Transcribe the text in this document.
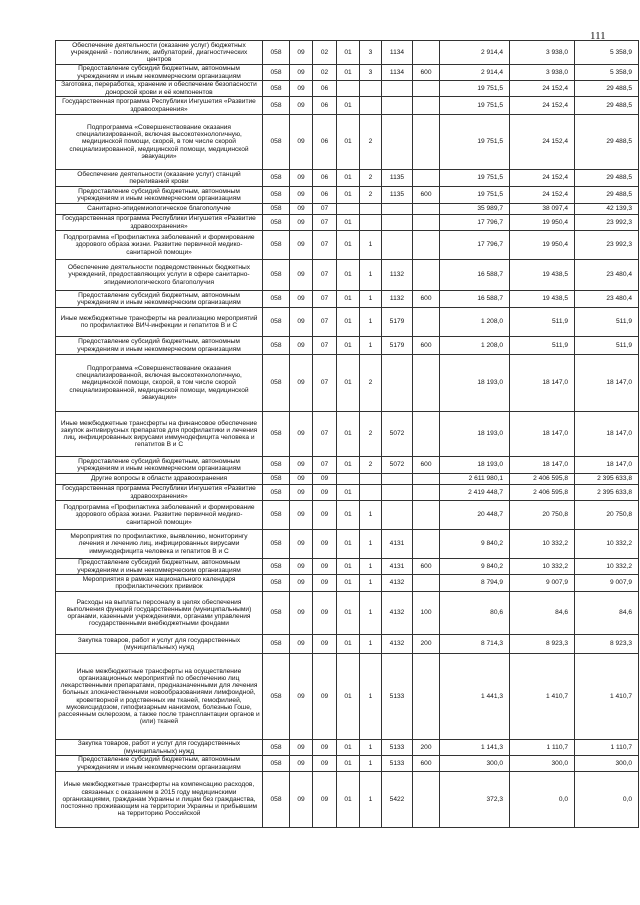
111
Обеспечение деятельности (оказание услуг) бюджетных учреждений - поликлиник, амбулаторий, диагностических центров	058	09	02	01	3	1134		2 914,4	3 938,0	5 358,9
Предоставление субсидий бюджетным, автономным учреждениям и иным некоммерческим организациям	058	09	02	01	3	1134	600	2 914,4	3 938,0	5 358,9
Заготовка, переработка, хранение и обеспечение безопасности донорской крови и её компонентов	058	09	06					19 751,5	24 152,4	29 488,5
Государственная программа Республики Ингушетия «Развитие здравоохранения»	058	09	06	01				19 751,5	24 152,4	29 488,5
Подпрограмма «Совершенствование оказания специализированной, включая высокотехнологичную, медицинской помощи, скорой, в том числе скорой специализированной, медицинской помощи, медицинской эвакуации»	058	09	06	01	2			19 751,5	24 152,4	29 488,5
Обеспечение деятельности (оказание услуг) станций переливаний крови	058	09	06	01	2	1135		19 751,5	24 152,4	29 488,5
Предоставление субсидий бюджетным, автономным учреждениям и иным некоммерческим организациям	058	09	06	01	2	1135	600	19 751,5	24 152,4	29 488,5
Санитарно-эпидемиологическое благополучие	058	09	07					35 989,7	38 097,4	42 139,3
Государственная программа Республики Ингушетия «Развитие здравоохранения»	058	09	07	01				17 796,7	19 950,4	23 992,3
Подпрограмма «Профилактика заболеваний и формирование здорового образа жизни. Развитие первичной медико-санитарной помощи»	058	09	07	01	1			17 796,7	19 950,4	23 992,3
Обеспечение деятельности подведомственных бюджетных учреждений, предоставляющих услуги в сфере санитарно-эпидемиологического благополучия	058	09	07	01	1	1132		16 588,7	19 438,5	23 480,4
Предоставление субсидий бюджетным, автономным учреждениям и иным некоммерческим организациям	058	09	07	01	1	1132	600	16 588,7	19 438,5	23 480,4
Иные межбюджетные трансферты на реализацию мероприятий по профилактике ВИЧ-инфекции и гепатитов В и С	058	09	07	01	1	5179		1 208,0	511,9	511,9
Предоставление субсидий бюджетным, автономным учреждениям и иным некоммерческим организациям	058	09	07	01	1	5179	600	1 208,0	511,9	511,9
Подпрограмма «Совершенствование оказания специализированной, включая высокотехнологичную, медицинской помощи, скорой, в том числе скорой специализированной, медицинской помощи, медицинской эвакуации»	058	09	07	01	2			18 193,0	18 147,0	18 147,0
Иные межбюджетные трансферты на финансовое обеспечение закупок антивирусных препаратов для профилактики и лечения лиц, инфицированных вирусами иммунодефицита человека и гепатитов В и С	058	09	07	01	2	5072		18 193,0	18 147,0	18 147,0
Предоставление субсидий бюджетным, автономным учреждениям и иным некоммерческим организациям	058	09	07	01	2	5072	600	18 193,0	18 147,0	18 147,0
Другие вопросы в области здравоохранения	058	09	09					2 611 980,1	2 406 595,8	2 395 633,8
Государственная программа Республики Ингушетия «Развитие здравоохранения»	058	09	09	01				2 419 448,7	2 406 595,8	2 395 633,8
Подпрограмма «Профилактика заболеваний и формирование здорового образа жизни. Развитие первичной медико-санитарной помощи»	058	09	09	01	1			20 448,7	20 750,8	20 750,8
Мероприятия по профилактике, выявлению, мониторингу лечения и лечению лиц, инфицированных вирусами иммунодефицита человека и гепатитов В и С	058	09	09	01	1	4131		9 840,2	10 332,2	10 332,2
Предоставление субсидий бюджетным, автономным учреждениям и иным некоммерческим организациям	058	09	09	01	1	4131	600	9 840,2	10 332,2	10 332,2
Мероприятия в рамках национального календаря профилактических прививок	058	09	09	01	1	4132		8 794,9	9 007,9	9 007,9
Расходы на выплаты персоналу в целях обеспечения выполнения функций государственными (муниципальными) органами, казенными учреждениями, органами управления государственными внебюджетными фондами	058	09	09	01	1	4132	100	80,6	84,6	84,6
Закупка товаров, работ и услуг для государственных (муниципальных) нужд	058	09	09	01	1	4132	200	8 714,3	8 923,3	8 923,3
Иные межбюджетные трансферты на осуществление организационных мероприятий по обеспечению лиц лекарственными препаратами, предназначенными для лечения больных злокачественными новообразованиями лимфоидной, кроветворной и родственных им тканей, гемофилией, муковисцидозом, гипофизарным нанизмом, болезнью Гоше, рассеянным склерозом, а также после трансплантации органов и (или) тканей	058	09	09	01	1	5133		1 441,3	1 410,7	1 410,7
Закупка товаров, работ и услуг для государственных (муниципальных) нужд	058	09	09	01	1	5133	200	1 141,3	1 110,7	1 110,7
Предоставление субсидий бюджетным, автономным учреждениям и иным некоммерческим организациям	058	09	09	01	1	5133	600	300,0	300,0	300,0
Иные межбюджетные трансферты на компенсацию расходов, связанных с оказанием в 2015 году медицинскими организациями, гражданам Украины и лицам без гражданства, постоянно проживающим на территории Украины и прибывшим на территорию Российской	058	09	09	01	1	5422		372,3	0,0	0,0
